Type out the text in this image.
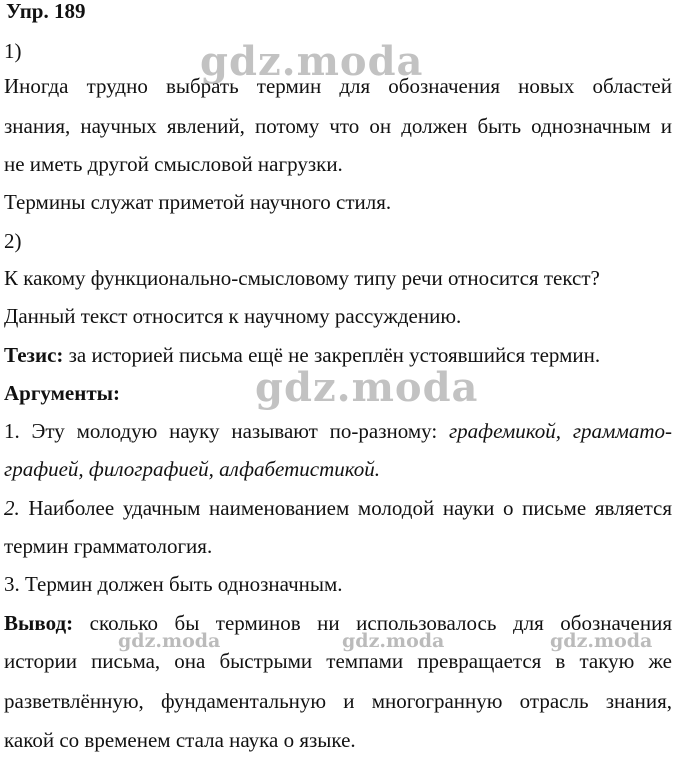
Упр. 189
1)
Иногда трудно выбрать термин для обозначения новых областей
знания, научных явлений, потому что он должен быть однозначным и
не иметь другой смысловой нагрузки.
Термины служат приметой научного стиля.
2)
К какому функционально-смысловому типу речи относится текст?
Данный текст относится к научному рассуждению.
Тезис: за историей письма ещё не закреплён устоявшийся термин.
Аргументы:
1. Эту молодую науку называют по-разному: графемикой, граммато-
графией, филографией, алфабетистикой.
2. Наиболее удачным наименованием молодой науки о письме является
термин грамматология.
3. Термин должен быть однозначным.
Вывод: сколько бы терминов ни использовалось для обозначения
истории письма, она быстрыми темпами превращается в такую же
разветвлённую, фундаментальную и многогранную отрасль знания,
какой со временем стала наука о языке.
gdz.moda
gdz.moda
gdz.moda	gdz.moda	gdz.moda
